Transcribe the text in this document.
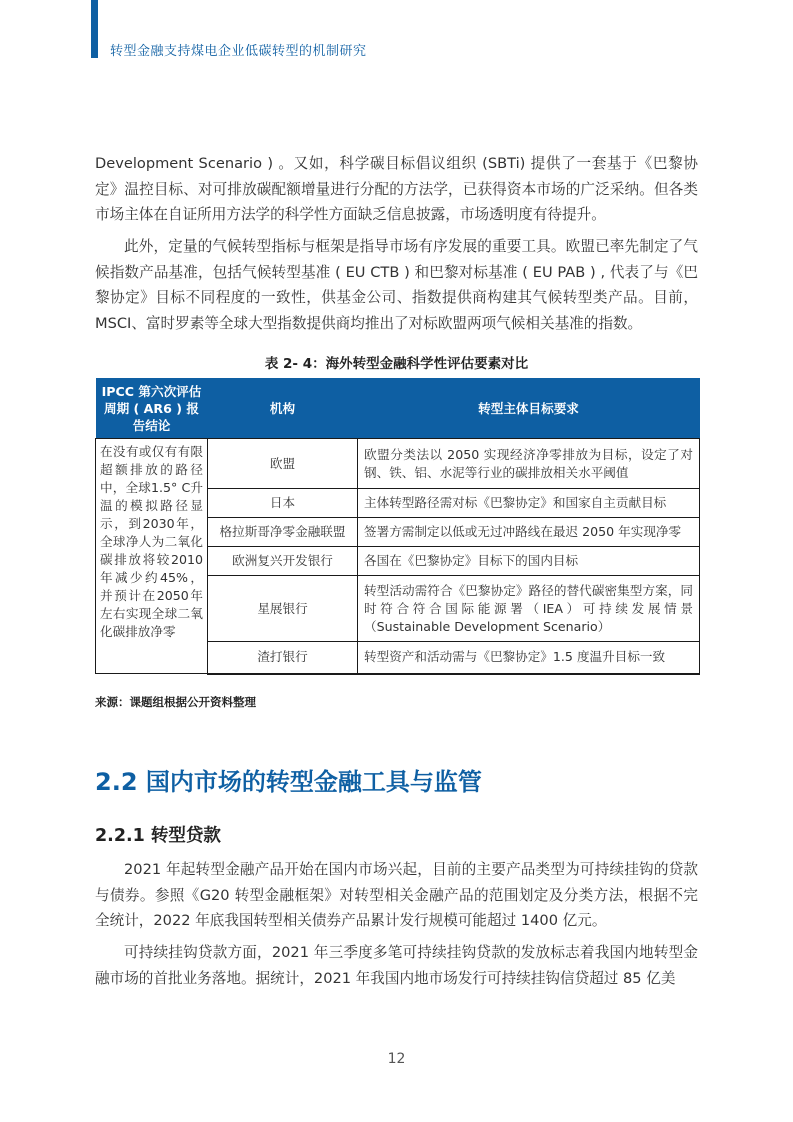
转型金融支持煤电企业低碳转型的机制研究

Development Scenario ) 。又如，科学碳目标倡议组织 (SBTi) 提供了一套基于《巴黎协定》温控目标、对可排放碳配额增量进行分配的方法学，已获得资本市场的广泛采纳。但各类市场主体在自证所用方法学的科学性方面缺乏信息披露，市场透明度有待提升。

此外，定量的气候转型指标与框架是指导市场有序发展的重要工具。欧盟已率先制定了气候指数产品基准，包括气候转型基准 ( EU CTB ) 和巴黎对标基准 ( EU PAB ) , 代表了与《巴黎协定》目标不同程度的一致性，供基金公司、指数提供商构建其气候转型类产品。目前，MSCI、富时罗素等全球大型指数提供商均推出了对标欧盟两项气候相关基准的指数。

表 2- 4：海外转型金融科学性评估要素对比
IPCC 第六次评估周期 ( AR6 ) 报告结论	机构	转型主体目标要求
在没有或仅有有限超额排放的路径中，全球1.5° C升温的模拟路径显示，到2030年，全球净人为二氧化碳排放将较2010年减少约45%，并预计在2050年左右实现全球二氧化碳排放净零	欧盟	欧盟分类法以 2050 实现经济净零排放为目标，设定了对钢、铁、铝、水泥等行业的碳排放相关水平阈值
	日本	主体转型路径需对标《巴黎协定》和国家自主贡献目标
	格拉斯哥净零金融联盟	签署方需制定以低或无过冲路线在最迟 2050 年实现净零
	欧洲复兴开发银行	各国在《巴黎协定》目标下的国内目标
	星展银行	转型活动需符合《巴黎协定》路径的替代碳密集型方案，同时符合符合国际能源署（IEA）可持续发展情景（Sustainable Development Scenario）
	渣打银行	转型资产和活动需与《巴黎协定》1.5 度温升目标一致
来源：课题组根据公开资料整理
2.2 国内市场的转型金融工具与监管
2.2.1 转型贷款

2021 年起转型金融产品开始在国内市场兴起，目前的主要产品类型为可持续挂钩的贷款与债券。参照《G20 转型金融框架》对转型相关金融产品的范围划定及分类方法，根据不完全统计，2022 年底我国转型相关债券产品累计发行规模可能超过 1400 亿元。

可持续挂钩贷款方面，2021 年三季度多笔可持续挂钩贷款的发放标志着我国内地转型金融市场的首批业务落地。据统计，2021 年我国内地市场发行可持续挂钩信贷超过 85 亿美

12
